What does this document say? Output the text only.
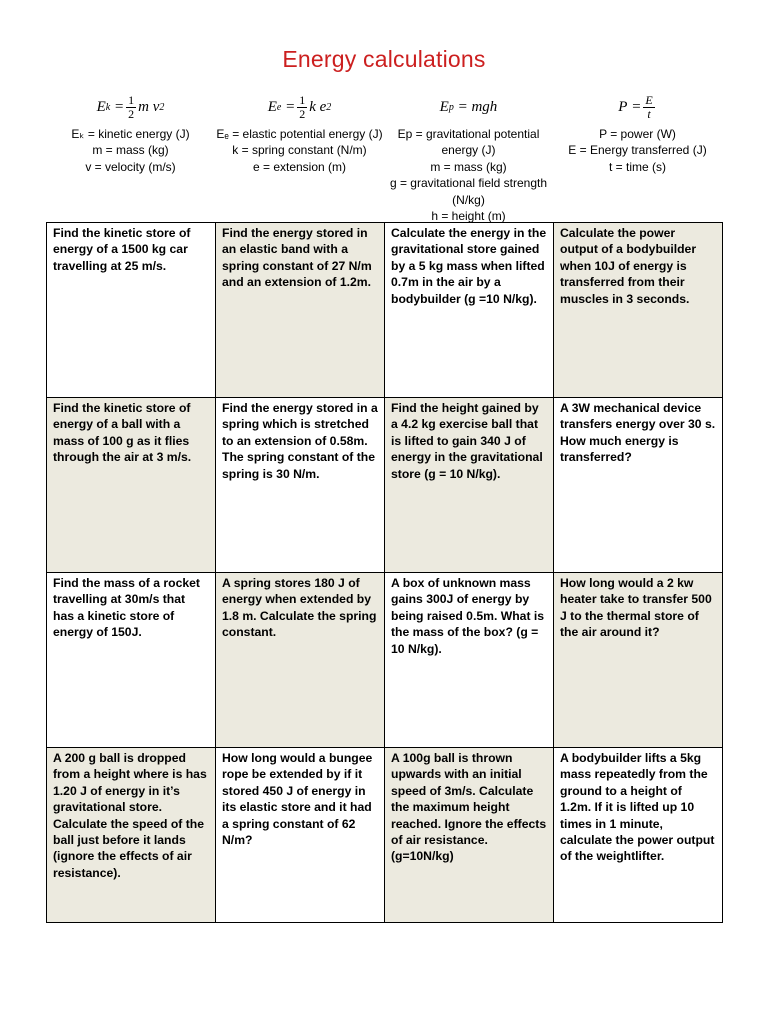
Energy calculations
E $k = \frac{1}{2}$ m v 2
Eₖ = kinetic energy (J)
m = mass (kg)
v = velocity (m/s)
E $e = \frac{1}{2}$ k e 2
Eₑ = elastic potential energy (J)
k = spring constant (N/m)
e = extension (m)
E p = mgh
Ep = gravitational potential energy (J)
m = mass (kg)
g = gravitational field strength (N/kg)
h = height (m)
$P = \frac{E}{t}$
P = power (W)
E = Energy transferred (J)
t = time (s)
Find the kinetic store of energy of a 1500 kg car travelling at 25 m/s.	Find the energy stored in an elastic band with a spring constant of 27 N/m and an extension of 1.2m.	Calculate the energy in the gravitational store gained by a 5 kg mass when lifted 0.7m in the air by a bodybuilder (g =10 N/kg).	Calculate the power output of a bodybuilder when 10J of energy is transferred from their muscles in 3 seconds.
Find the kinetic store of energy of a ball with a mass of 100 g as it flies through the air at 3 m/s.	Find the energy stored in a spring which is stretched to an extension of 0.58m. The spring constant of the spring is 30 N/m.	Find the height gained by a 4.2 kg exercise ball that is lifted to gain 340 J of energy in the gravitational store (g = 10 N/kg).	A 3W mechanical device transfers energy over 30 s. How much energy is transferred?
Find the mass of a rocket travelling at 30m/s that has a kinetic store of energy of 150J.	A spring stores 180 J of energy when extended by 1.8 m. Calculate the spring constant.	A box of unknown mass gains 300J of energy by being raised 0.5m. What is the mass of the box? (g = 10 N/kg).	How long would a 2 kw heater take to transfer 500 J to the thermal store of the air around it?
A 200 g ball is dropped from a height where is has 1.20 J of energy in it’s gravitational store. Calculate the speed of the ball just before it lands (ignore the effects of air resistance).	How long would a bungee rope be extended by if it stored 450 J of energy in its elastic store and it had a spring constant of 62 N/m?	A 100g ball is thrown upwards with an initial speed of 3m/s. Calculate the maximum height reached. Ignore the effects of air resistance. (g=10N/kg)	A bodybuilder lifts a 5kg mass repeatedly from the ground to a height of 1.2m. If it is lifted up 10 times in 1 minute, calculate the power output of the weightlifter.
